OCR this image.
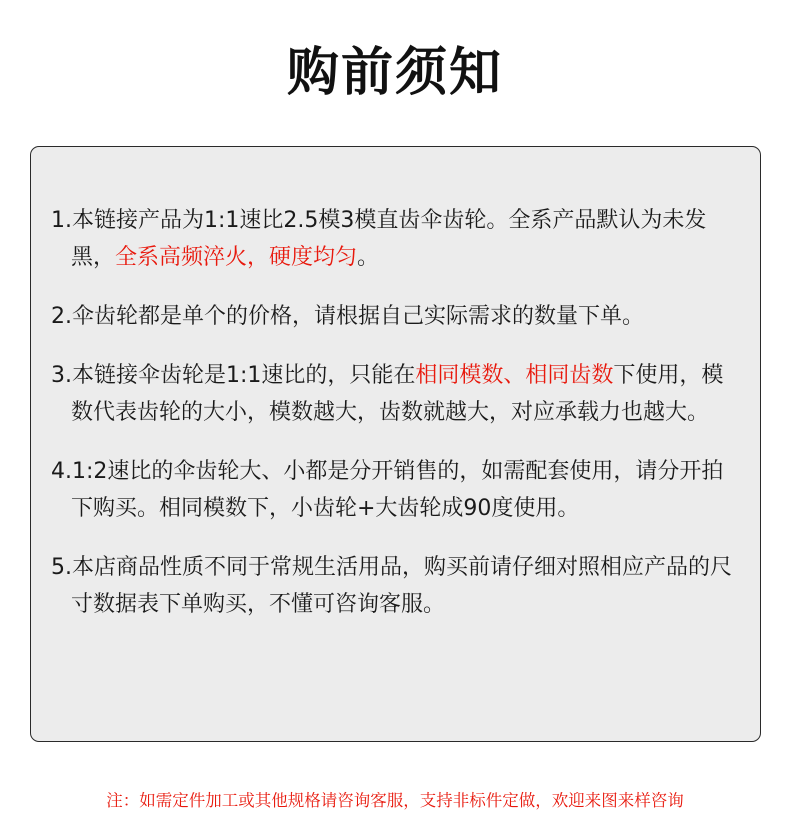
购前须知
1.本链接产品为1:1速比2.5模3模直齿伞齿轮。全系产品默认为未发黑，全系高频淬火，硬度均匀。
2.伞齿轮都是单个的价格，请根据自己实际需求的数量下单。
3.本链接伞齿轮是1:1速比的，只能在相同模数、相同齿数下使用，模数代表齿轮的大小，模数越大，齿数就越大，对应承载力也越大。
4.1:2速比的伞齿轮大、小都是分开销售的，如需配套使用，请分开拍下购买。相同模数下，小齿轮+大齿轮成90度使用。
5.本店商品性质不同于常规生活用品，购买前请仔细对照相应产品的尺寸数据表下单购买，不懂可咨询客服。
注：如需定件加工或其他规格请咨询客服，支持非标件定做，欢迎来图来样咨询
